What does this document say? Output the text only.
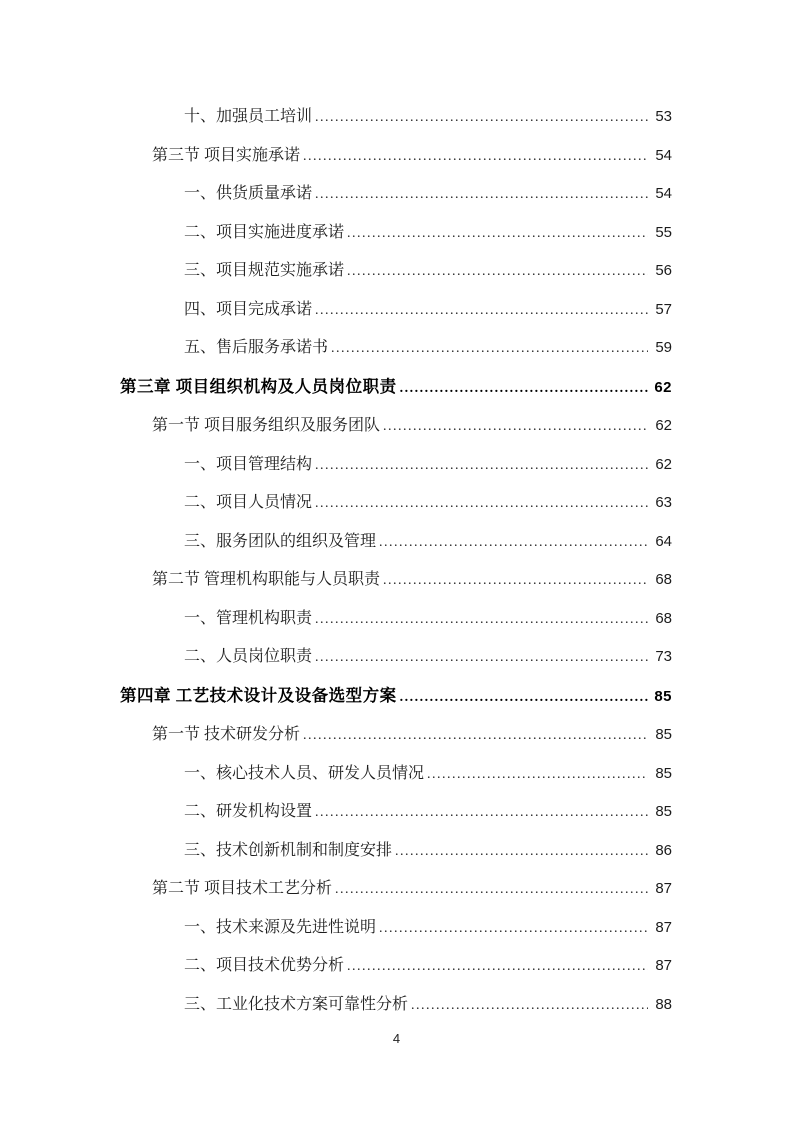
十、加强员工培训 .....	53
第三节 项目实施承诺 .....	54
一、供货质量承诺 .....	54
二、项目实施进度承诺 .....	55
三、项目规范实施承诺 .....	56
四、项目完成承诺 .....	57
五、售后服务承诺书 .....	59
第三章 项目组织机构及人员岗位职责 .....	62
第一节 项目服务组织及服务团队 .....	62
一、项目管理结构 .....	62
二、项目人员情况 .....	63
三、服务团队的组织及管理 .....	64
第二节 管理机构职能与人员职责 .....	68
一、管理机构职责 .....	68
二、人员岗位职责 .....	73
第四章 工艺技术设计及设备选型方案 .....	85
第一节 技术研发分析 .....	85
一、核心技术人员、研发人员情况 .....	85
二、研发机构设置 .....	85
三、技术创新机制和制度安排 .....	86
第二节 项目技术工艺分析 .....	87
一、技术来源及先进性说明 .....	87
二、项目技术优势分析 .....	87
三、工业化技术方案可靠性分析 .....	88
4
